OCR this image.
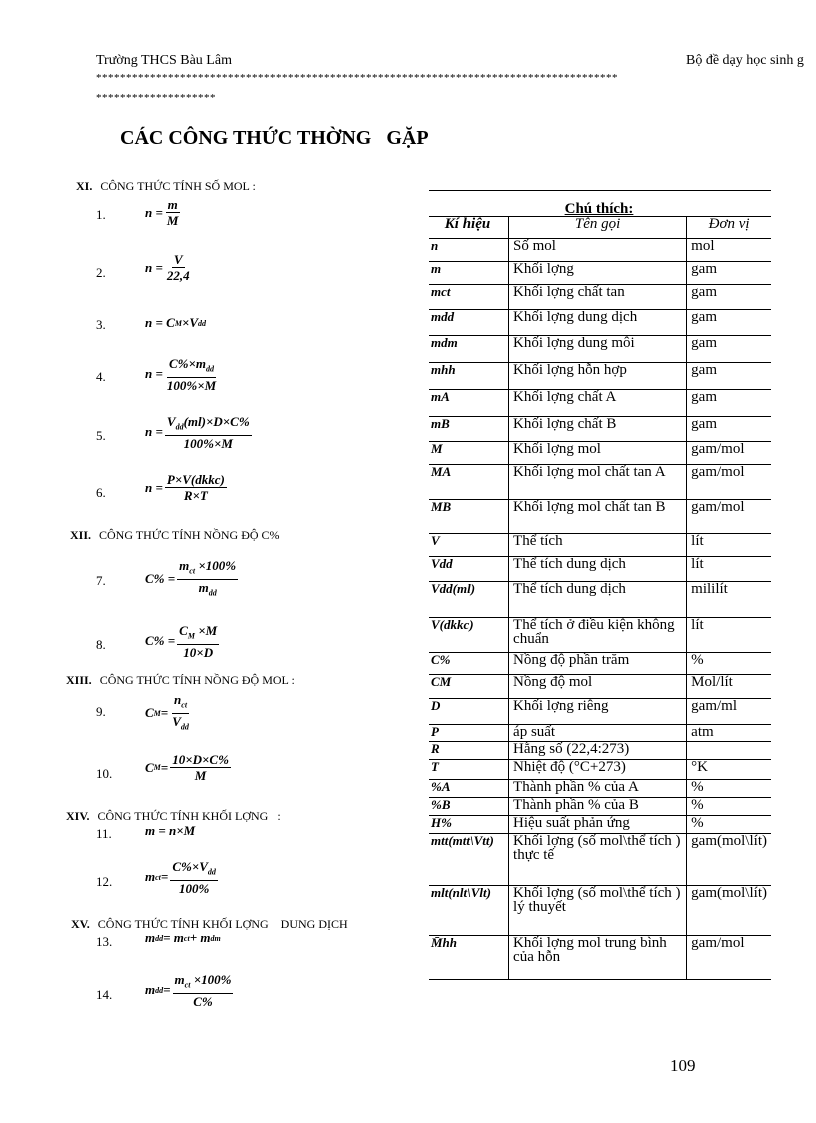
Trường THCS Bàu Lâm	Bộ đề dạy học sinh g
***************************************************************************************
********************
CÁC CÔNG THỨC THỜNG   GẶP
XI. CÔNG THỨC TÍNH SỐ MOL :
XII. CÔNG THỨC TÍNH NỒNG ĐỘ C%
XIII. CÔNG THỨC TÍNH NỒNG ĐỘ MOL :
XIV. CÔNG THỨC TÍNH KHỐI LỢNG   :
XV. CÔNG THỨC TÍNH KHỐI LỢNG    DUNG DỊCH
1.
2.
3.
4.
5.
6.
7.
8.
9.
10.
11.
12.
13.
14.
$n = \frac{m}{M}$
$n = \frac{V}{22,4}$
n = C M ×V dd
$n = \frac{C\%\times m_{dd}}{100\%\times M}$
$n = \frac{V_{dd}(ml)\times D\times C\%}{100\%\times M}$
$n = \frac{\text{P×V(dkkc)}}{R\times T}$
$C\% = \frac{m_{ct} \times 100\%}{m_{dd}}$
$C\% = \frac{C_M \times M}{10\times D}$
C $M = \frac{n_{ct}}{V_{dd}}$
C $M = \frac{10\times D\times C\%}{M}$
m = n×M
m ct = $\frac{C\%\times V_{dd}}{100\%}$
m dd = m ct + m dm
m dd = $\frac{m_{ct} \times 100\%}{C\%}$
Chú thích:		
Kí hiệu	Tên gọi	Đơn vị
n	Số mol	mol
m	Khối lợng	gam
mct	Khối lợng chất tan	gam
mdd	Khối lợng dung dịch	gam
mdm	Khối lợng dung môi	gam
mhh	Khối lợng hỗn hợp	gam
mA	Khối lợng chất A	gam
mB	Khối lợng chất B	gam
M	Khối lợng mol	gam/mol
MA	Khối lợng mol chất tan A	gam/mol
MB	Khối lợng mol chất tan B	gam/mol
V	Thể tích	lít
Vdd	Thể tích dung dịch	lít
Vdd(ml)	Thể tích dung dịch	mililít
V(dkkc)	Thể tích ở điều kiện không chuẩn	lít
C%	Nồng độ phần trăm	%
CM	Nồng độ mol	Mol/lít
D	Khối lợng riêng	gam/ml
P	áp suất	atm
R	Hằng số (22,4:273)	
T	Nhiệt độ (°C+273)	°K
%A	Thành phần % của A	%
%B	Thành phần % của B	%
H%	Hiệu suất phản ứng	%
mtt(mtt\Vtt)	Khối lợng (số mol\thể tích ) thực tế	gam(mol\lít)
mlt(nlt\Vlt)	Khối lợng (số mol\thể tích ) lý thuyết	gam(mol\lít)
M̄hh	Khối lợng mol trung bình của hỗn	gam/mol
109
